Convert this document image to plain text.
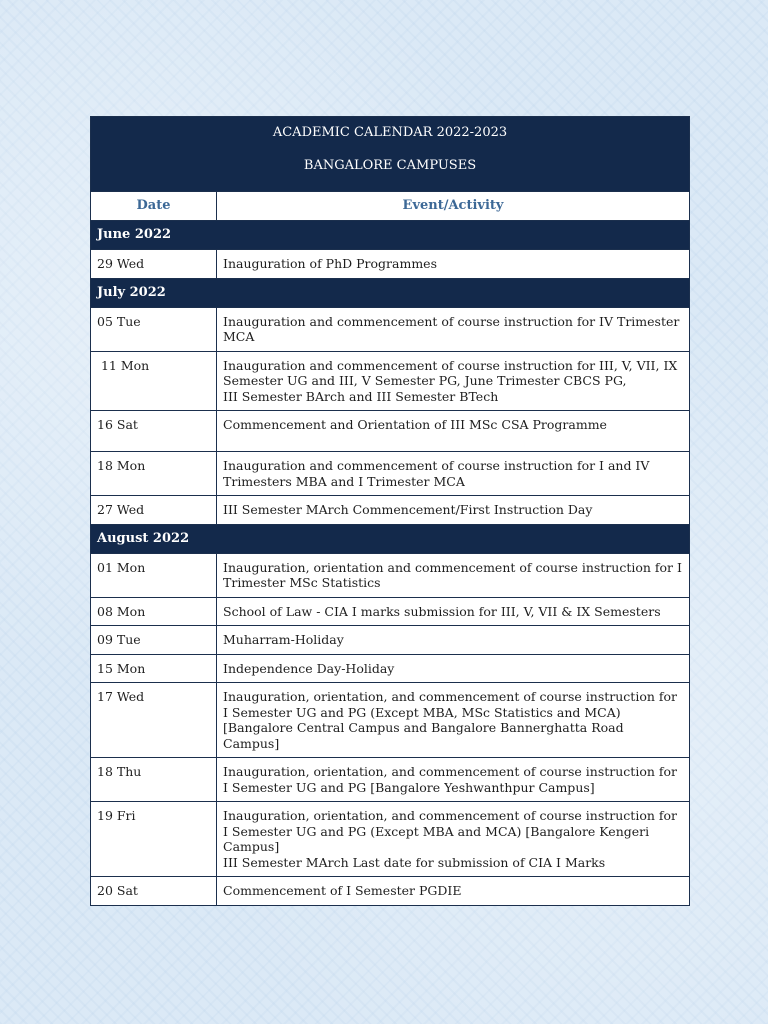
ACADEMIC CALENDAR 2022-2023
BANGALORE CAMPUSES	

Date	Event/Activity
June 2022	
29 Wed	Inauguration of PhD Programmes
July 2022	
05 Tue	Inauguration and commencement of course instruction for IV Trimester MCA
11 Mon	Inauguration and commencement of course instruction for III, V, VII, IX Semester UG and III, V Semester PG, June Trimester CBCS PG,
III Semester BArch and III Semester BTech

16 Sat	Commencement and Orientation of III MSc CSA Programme
18 Mon	Inauguration and commencement of course instruction for I and IV Trimesters MBA and I Trimester MCA
27 Wed	III Semester MArch Commencement/First Instruction Day
August 2022	
01 Mon	Inauguration, orientation and commencement of course instruction for I Trimester MSc Statistics
08 Mon	School of Law - CIA I marks submission for III, V, VII & IX Semesters
09 Tue	Muharram-Holiday
15 Mon	Independence Day-Holiday
17 Wed	Inauguration, orientation, and commencement of course instruction for I Semester UG and PG (Except MBA, MSc Statistics and MCA) [Bangalore Central Campus and Bangalore Bannerghatta Road Campus]
18 Thu	Inauguration, orientation, and commencement of course instruction for I Semester UG and PG [Bangalore Yeshwanthpur Campus]
19 Fri	Inauguration, orientation, and commencement of course instruction for I Semester UG and PG (Except MBA and MCA) [Bangalore Kengeri Campus]
III Semester MArch Last date for submission of CIA I Marks

20 Sat	Commencement of I Semester PGDIE
